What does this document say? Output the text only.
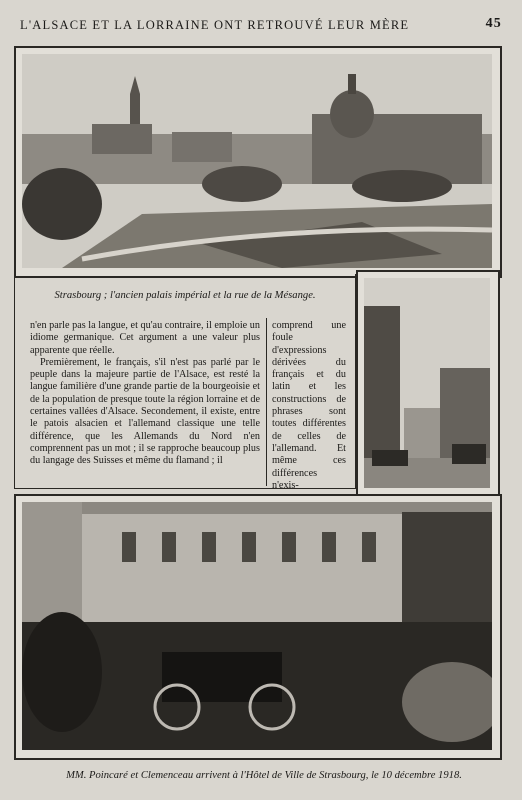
L'ALSACE ET LA LORRAINE ONT RETROUVÉ LEUR MÈRE	45
Strasbourg ; l'ancien palais impérial et la rue de la Mésange.

n'en parle pas la langue, et qu'au contraire, il emploie un idiome germanique. Cet argument a une valeur plus apparente que réelle.

Premièrement, le français, s'il n'est pas parlé par le peuple dans la majeure partie de l'Alsace, est resté la langue familière d'une grande partie de la bourgeoisie et de la population de presque toute la région lorraine et de certaines vallées d'Alsace. Secondement, il existe, entre le patois alsacien et l'allemand classique une telle différence, que les Allemands du Nord n'en comprennent pas un mot ; il se rapproche beaucoup plus du langage des Suisses et même du flamand ; il

comprend une foule d'expressions dérivées du français et du latin et les constructions de phrases sont toutes différentes de celles de l'allemand. Et même ces différences n'exis-

MM. Poincaré et Clemenceau arrivent à l'Hôtel de Ville de Strasbourg, le 10 décembre 1918.
